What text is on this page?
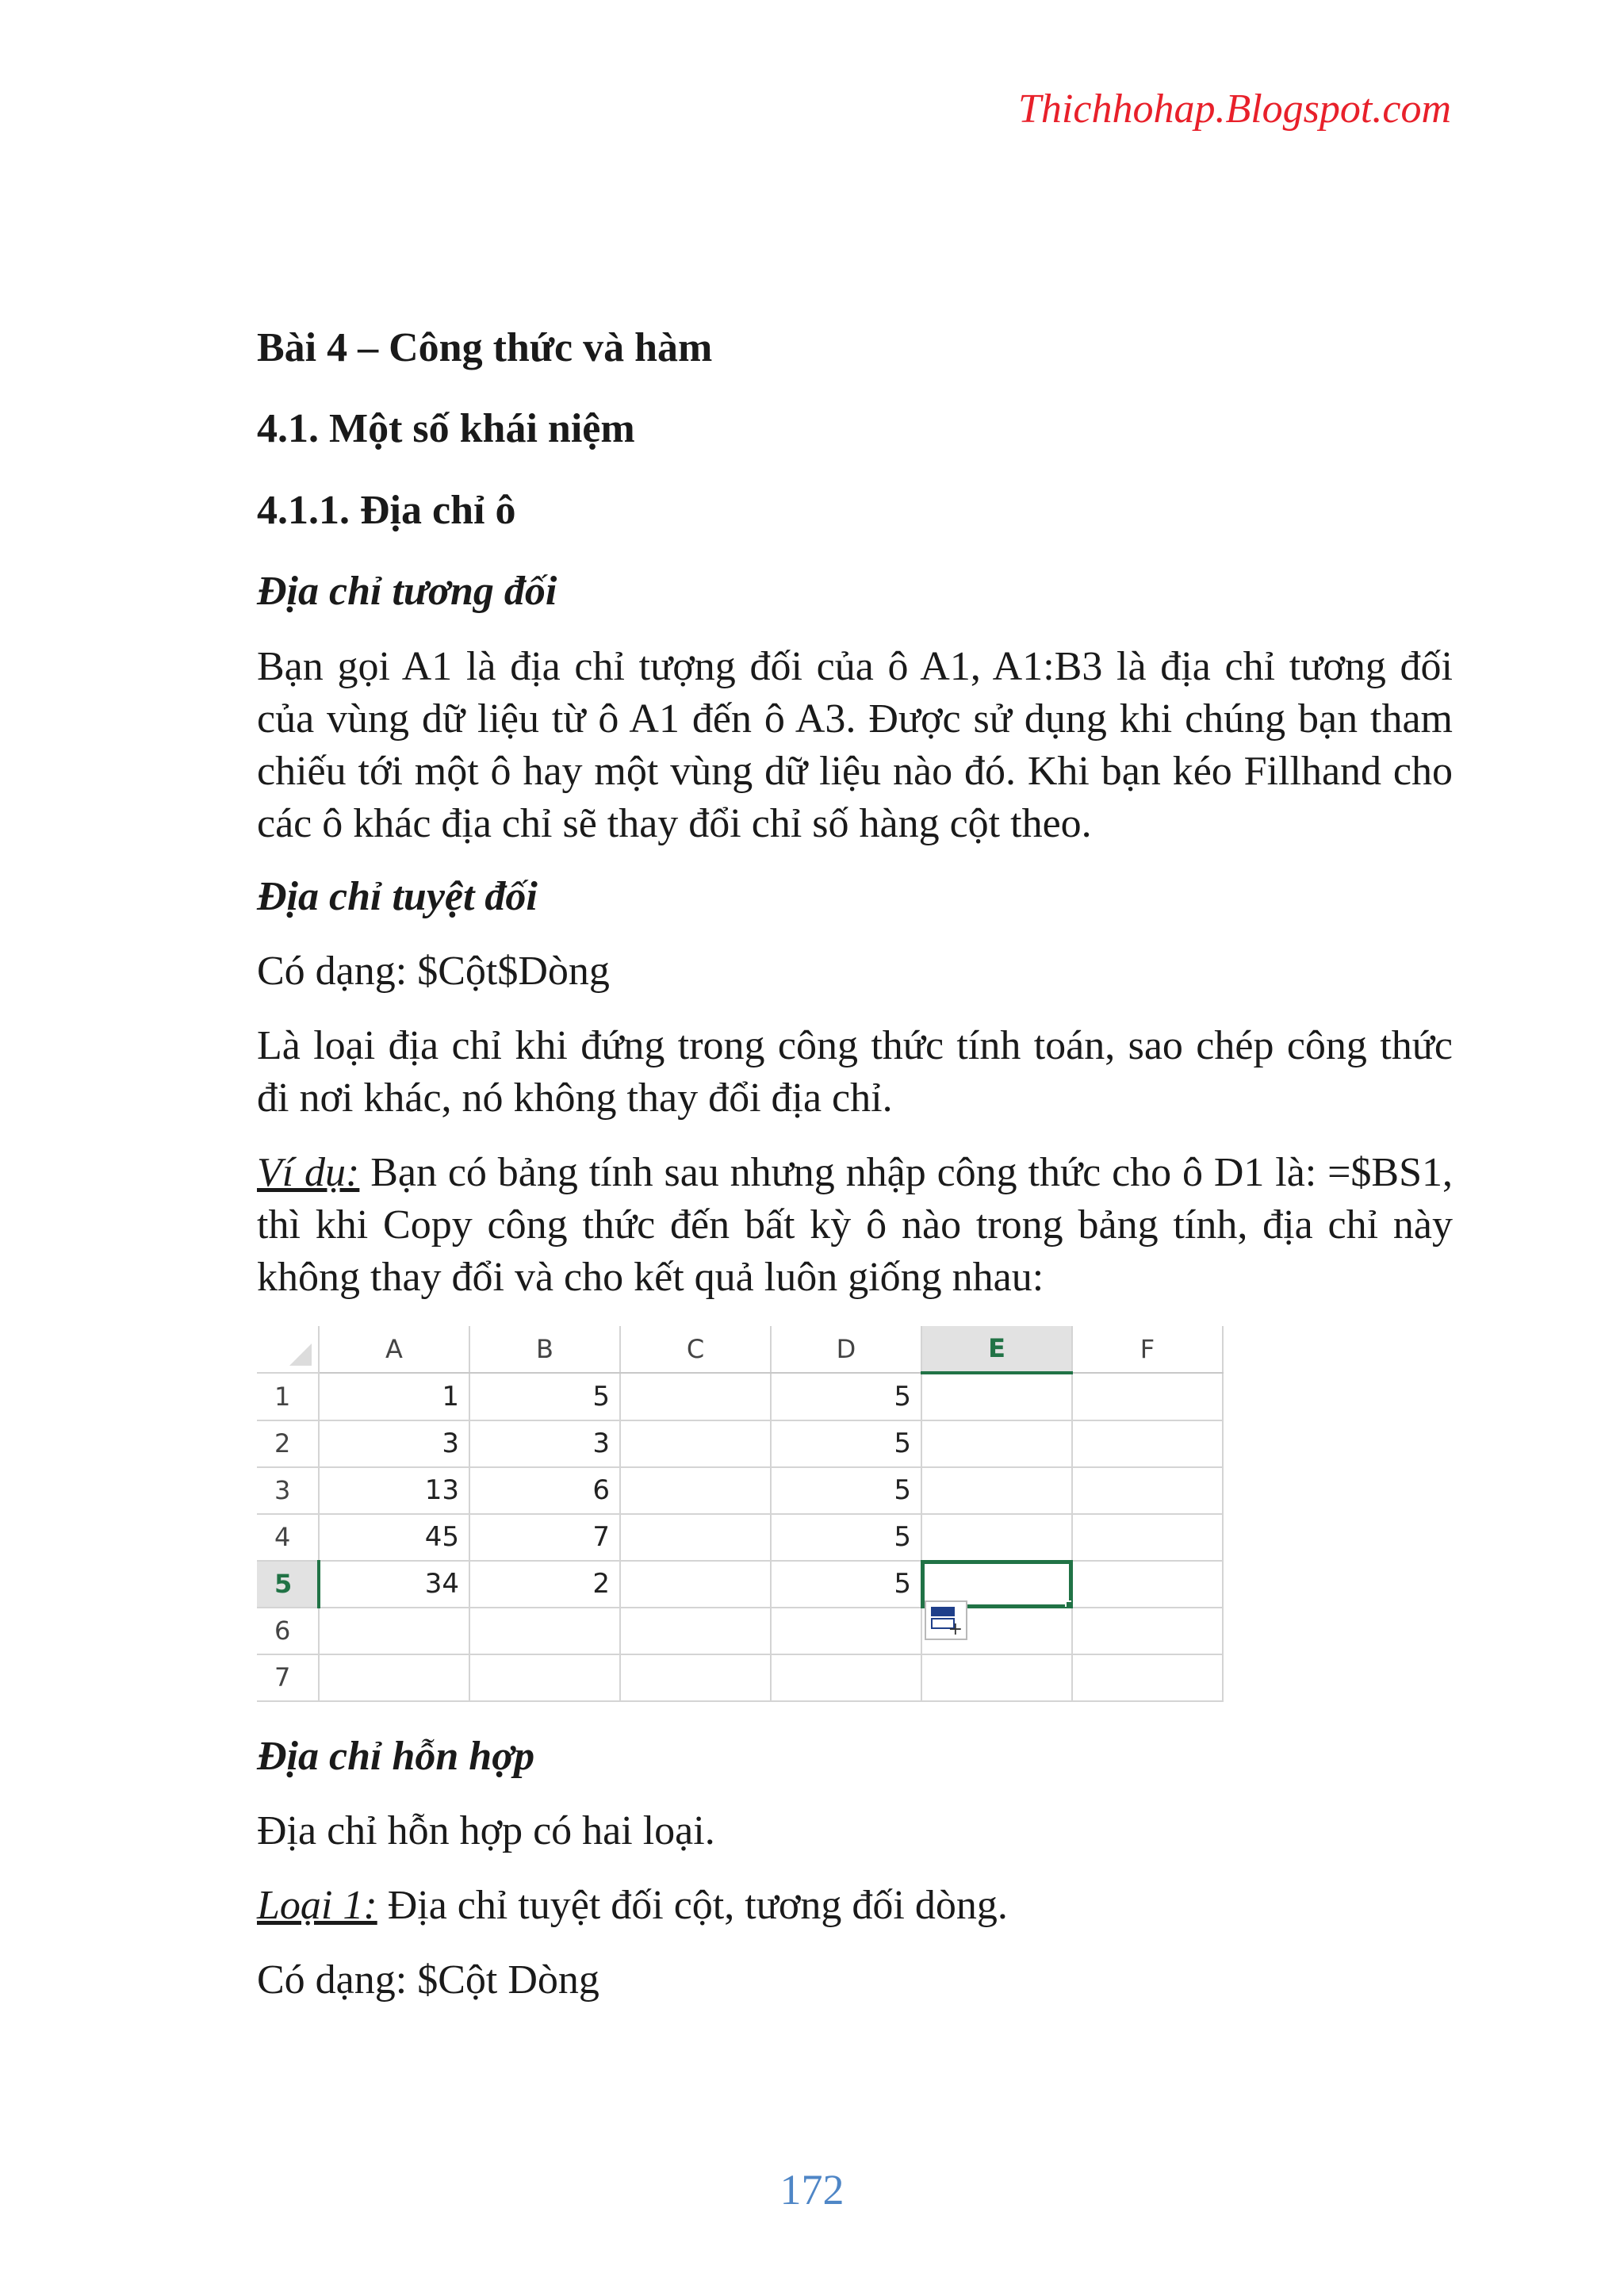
Thichhohap.Blogspot.com
Bài 4 – Công thức và hàm
4.1. Một số khái niệm
4.1.1. Địa chỉ ô
Địa chỉ tương đối
Bạn gọi A1 là địa chỉ tượng đối của ô A1, A1:B3 là địa chỉ tương đối của vùng dữ liệu từ ô A1 đến ô A3. Được sử dụng khi chúng bạn tham chiếu tới một ô hay một vùng dữ liệu nào đó. Khi bạn kéo Fillhand cho các ô khác địa chỉ sẽ thay đổi chỉ số hàng cột theo.
Địa chỉ tuyệt đối
Có dạng: $Cột$Dòng
Là loại địa chỉ khi đứng trong công thức tính toán, sao chép công thức đi nơi khác, nó không thay đổi địa chỉ.
Ví dụ: Bạn có bảng tính sau nhưng nhập công thức cho ô D1 là: =$BS1, thì khi Copy công thức đến bất kỳ ô nào trong bảng tính, địa chỉ này không thay đổi và cho kết quả luôn giống nhau:
	A	B	C	D	E	F
1	1	5		5		
2	3	3		5		
3	13	6		5		
4	45	7		5		
5	34	2		5	

6						
7						
+
Địa chỉ hỗn hợp
Địa chỉ hỗn hợp có hai loại.
Loại 1: Địa chỉ tuyệt đối cột, tương đối dòng.
Có dạng: $Cột Dòng
172
